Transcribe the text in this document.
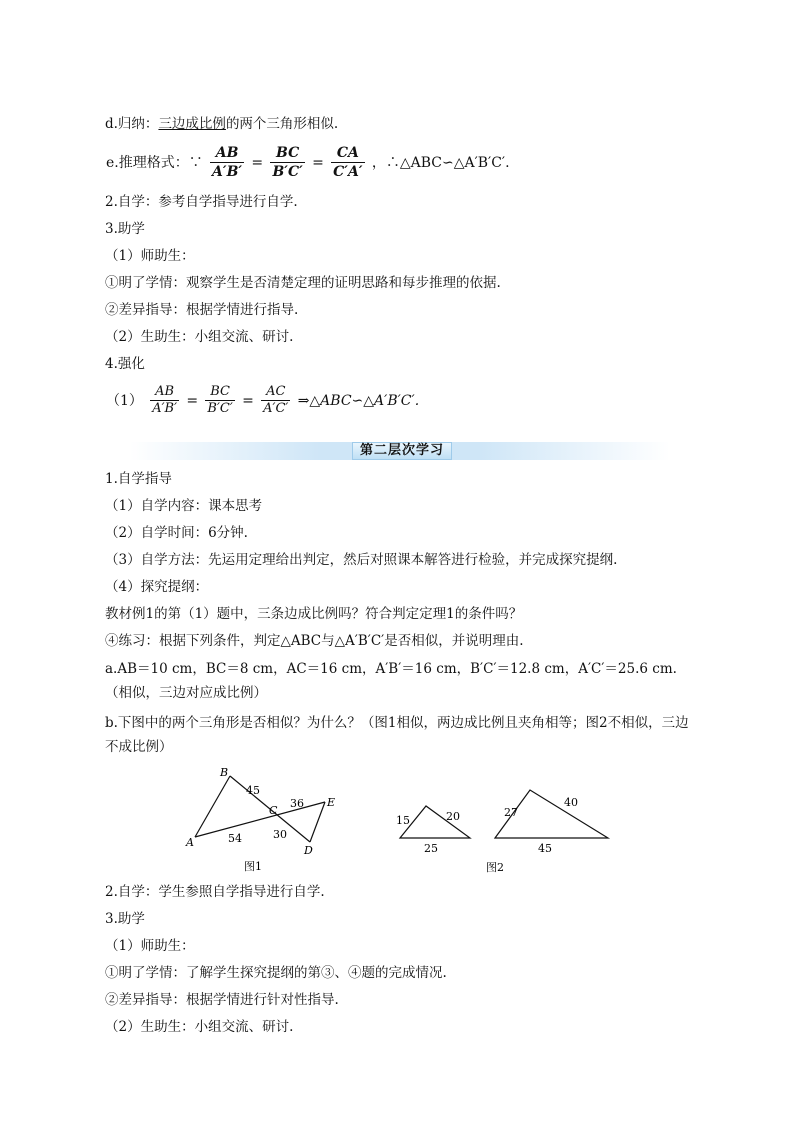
d.归纳：三边成比例的两个三角形相似.
e.推理格式：∵ $\frac{AB}{A'B'} = \frac{BC}{B'C'} = \frac{CA}{C'A'}$ ，∴△ABC∽△A′B′C′.
2.自学：参考自学指导进行自学.
3.助学
（1）师助生：
①明了学情：观察学生是否清楚定理的证明思路和每步推理的依据.
②差异指导：根据学情进行指导.
（2）生助生：小组交流、研讨.
4.强化
$(1) \frac{AB}{A'B'} = \frac{BC}{B'C'} = \frac{AC}{A'C'}$ ⇒△ABC∽△A′B′C′.
第二层次学习
1.自学指导
（1）自学内容：课本思考
（2）自学时间：6分钟.
（3）自学方法：先运用定理给出判定，然后对照课本解答进行检验，并完成探究提纲.
（4）探究提纲：
教材例1的第（1）题中，三条边成比例吗？符合判定定理1的条件吗？
④练习：根据下列条件，判定△ABC与△A′B′C′是否相似，并说明理由.
a.AB＝10 cm，BC＝8 cm，AC＝16 cm，A′B′＝16 cm，B′C′＝12.8 cm，A′C′＝25.6 cm.（相似，三边对应成比例）
b.下图中的两个三角形是否相似？为什么？（图1相似，两边成比例且夹角相等；图2不相似，三边不成比例）
B
A
C
E
D
45
36
54	30
图1
15	20
25
27
40
45
图2
2.自学：学生参照自学指导进行自学.
3.助学
（1）师助生：
①明了学情：了解学生探究提纲的第③、④题的完成情况.
②差异指导：根据学情进行针对性指导.
（2）生助生：小组交流、研讨.
